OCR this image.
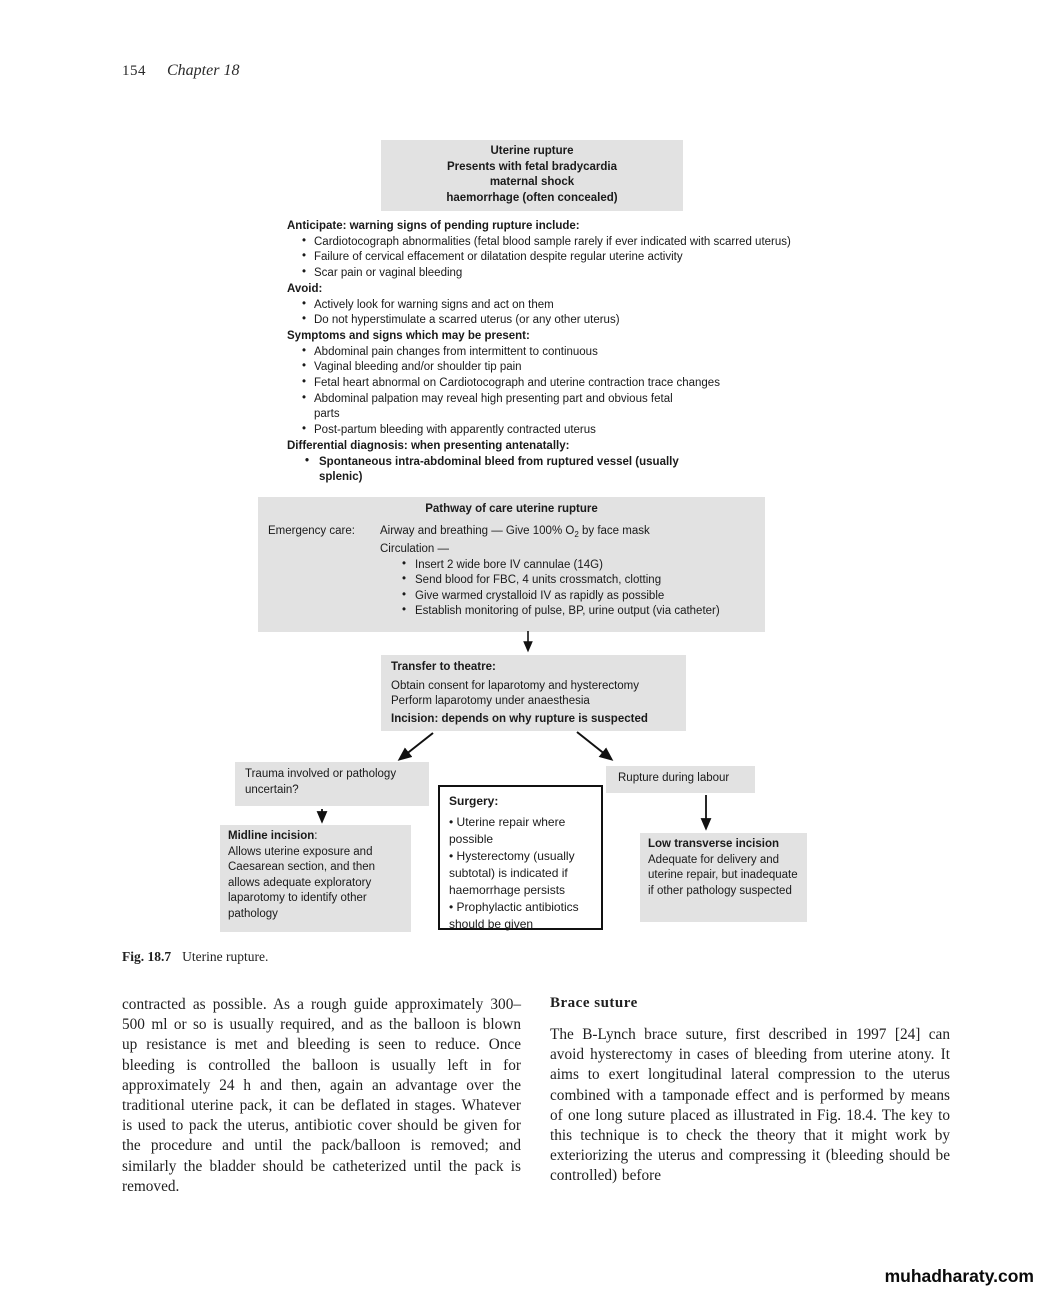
154 Chapter 18
Uterine rupture
Presents with fetal bradycardia
maternal shock
haemorrhage (often concealed)
Anticipate: warning signs of pending rupture include:
• Cardiotocograph abnormalities (fetal blood sample rarely if ever indicated with scarred uterus)
• Failure of cervical effacement or dilatation despite regular uterine activity
• Scar pain or vaginal bleeding
Avoid:
• Actively look for warning signs and act on them
• Do not hyperstimulate a scarred uterus (or any other uterus)
Symptoms and signs which may be present:
• Abdominal pain changes from intermittent to continuous
• Vaginal bleeding and/or shoulder tip pain
• Fetal heart abnormal on Cardiotocograph and uterine contraction trace changes
• Abdominal palpation may reveal high presenting part and obvious fetal
parts
• Post-partum bleeding with apparently contracted uterus
Differential diagnosis: when presenting antenatally:
• Spontaneous intra-abdominal bleed from ruptured vessel (usually
splenic)
Pathway of care uterine rupture
Emergency care:	Airway and breathing — Give 100% $O_2$ by face mask
Circulation —
• Insert 2 wide bore IV cannulae (14G)
• Send blood for FBC, 4 units crossmatch, clotting
• Give warmed crystalloid IV as rapidly as possible
• Establish monitoring of pulse, BP, urine output (via catheter)
Transfer to theatre:
Obtain consent for laparotomy and hysterectomy
Perform laparotomy under anaesthesia
Incision: depends on why rupture is suspected
Trauma involved or pathology uncertain?
Rupture during labour
Midline incision:
Allows uterine exposure and Caesarean section, and then allows adequate exploratory laparotomy to identify other pathology
Surgery:
• Uterine repair where possible
• Hysterectomy (usually subtotal) is indicated if haemorrhage persists
• Prophylactic antibiotics should be given
Low transverse incision
Adequate for delivery and uterine repair, but inadequate if other pathology suspected
Fig. 18.7 Uterine rupture.
contracted as possible. As a rough guide approximately 300–500 ml or so is usually required, and as the balloon is blown up resistance is met and bleeding is seen to reduce. Once bleeding is controlled the balloon is usually left in for approximately 24 h and then, again an advantage over the traditional uterine pack, it can be deflated in stages. Whatever is used to pack the uterus, antibiotic cover should be given for the procedure and until the pack/balloon is removed; and similarly the bladder should be catheterized until the pack is removed.
Brace suture
The B-Lynch brace suture, first described in 1997 [24] can avoid hysterectomy in cases of bleeding from uterine atony. It aims to exert longitudinal lateral compression to the uterus combined with a tamponade effect and is performed by means of one long suture placed as illustrated in Fig. 18.4. The key to this technique is to check the theory that it might work by exteriorizing the uterus and compressing it (bleeding should be controlled) before
muhadharaty.com
